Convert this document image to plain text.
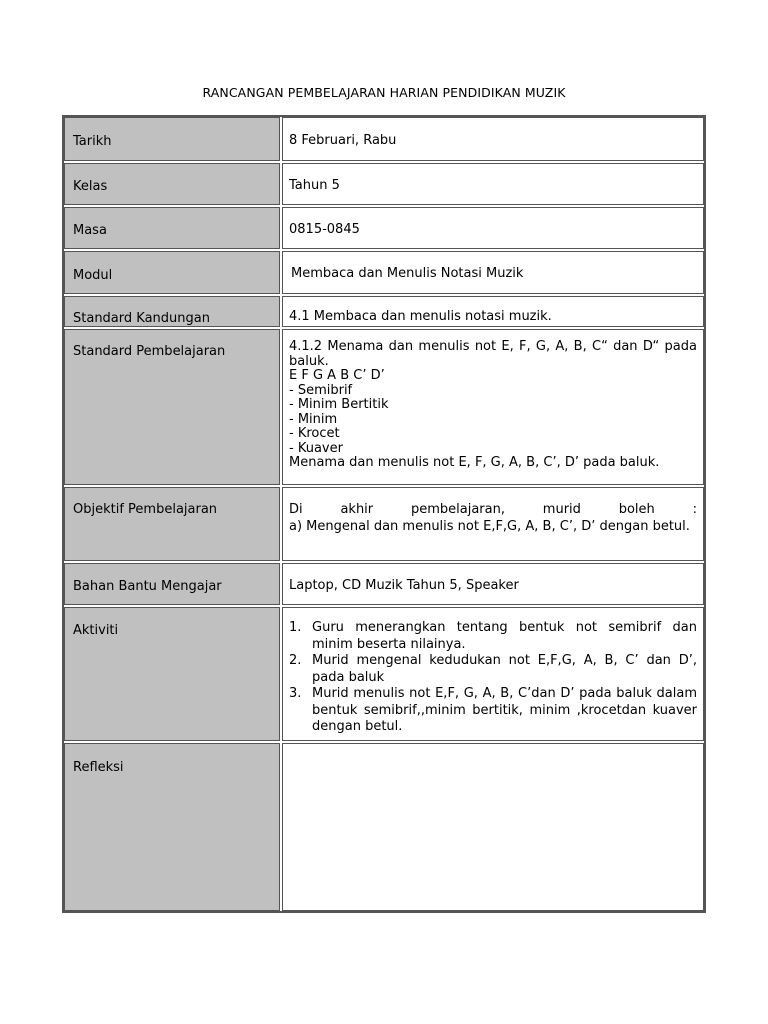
RANCANGAN PEMBELAJARAN HARIAN PENDIDIKAN MUZIK
Tarikh	8 Februari, Rabu
Kelas	Tahun 5
Masa	0815-0845
Modul	Membaca dan Menulis Notasi Muzik
Standard Kandungan	4.1 Membaca dan menulis notasi muzik.
Standard Pembelajaran	4.1.2 Menama dan menulis not E, F, G, A, B, C“ dan D“ pada baluk.
E F G A B C’ D’
- Semibrif
- Minim Bertitik
- Minim
- Krocet
- Kuaver
Menama dan menulis not E, F, G, A, B, C’, D’ pada baluk.
Objektif Pembelajaran	Di akhir pembelajaran, murid boleh :
a) Mengenal dan menulis not E,F,G, A, B, C’, D’ dengan betul.
Bahan Bantu Mengajar	Laptop, CD Muzik Tahun 5, Speaker
Aktiviti	1. Guru menerangkan tentang bentuk not semibrif dan minim beserta nilainya.
2. Murid mengenal kedudukan not E,F,G, A, B, C’ dan D’, pada baluk
3. Murid menulis not E,F, G, A, B, C’dan D’ pada baluk dalam bentuk semibrif,,minim bertitik, minim ,krocetdan kuaver dengan betul.
Refleksi
